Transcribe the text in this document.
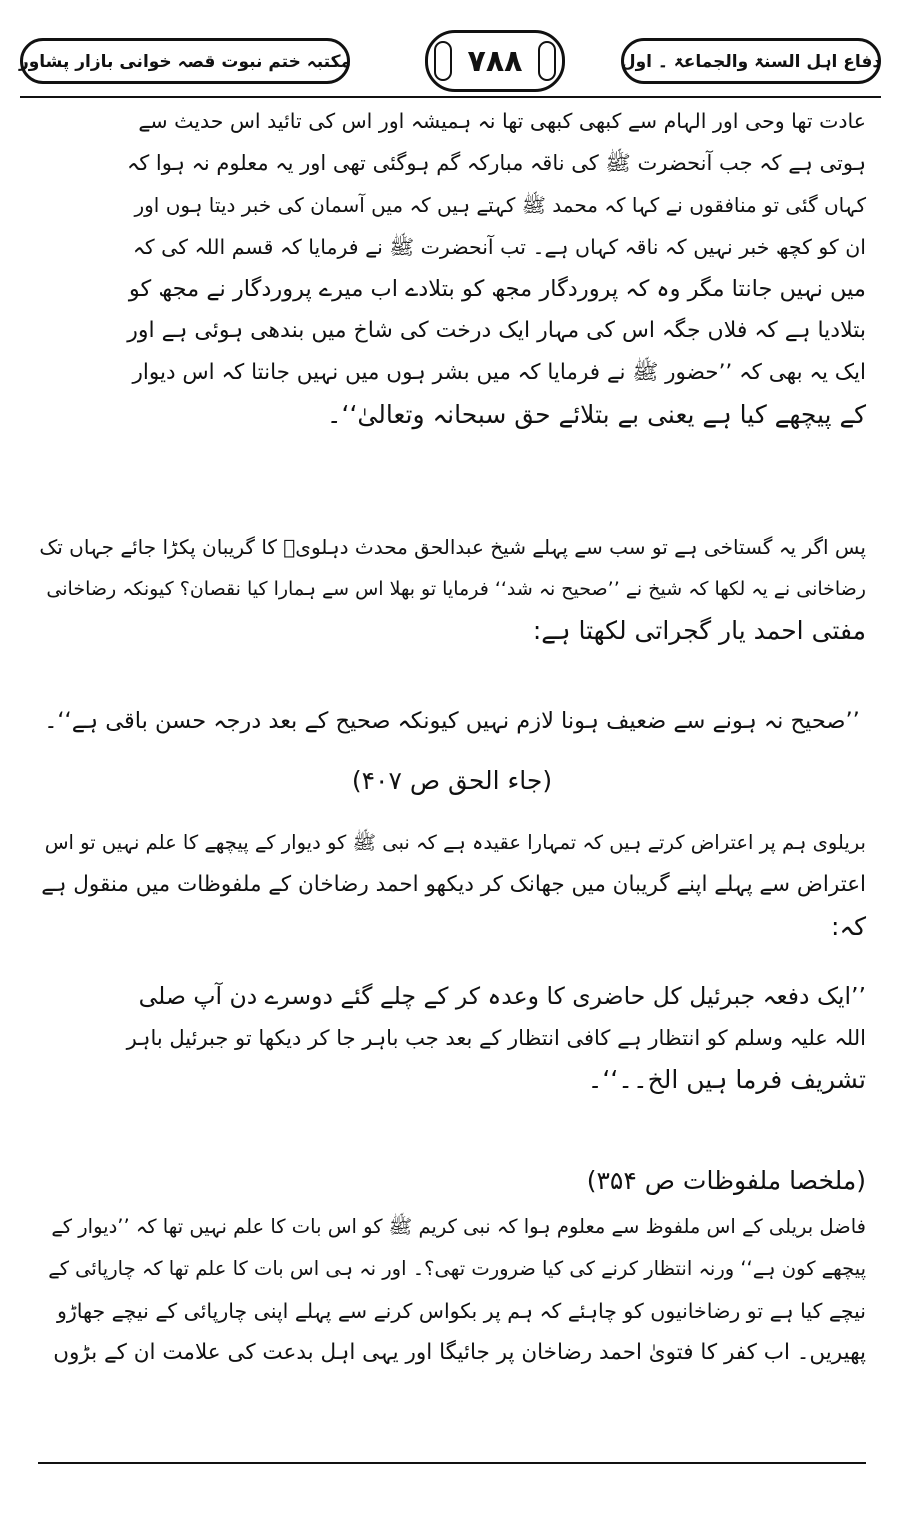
مکتبہ ختم نبوت قصہ خوانی بازار پشاور	۷۸۸	دفاع اہل السنۃ والجماعۃ ۔ اول
عادت تھا وحی اور الہام سے کبھی کبھی تھا نہ ہمیشہ اور اس کی تائید اس حدیث سے
ہوتی ہے کہ جب آنحضرت ﷺ کی ناقہ مبارکہ گم ہوگئی تھی اور یہ معلوم نہ ہوا کہ
کہاں گئی تو منافقوں نے کہا کہ محمد ﷺ کہتے ہیں کہ میں آسمان کی خبر دیتا ہوں اور
ان کو کچھ خبر نہیں کہ ناقہ کہاں ہے۔ تب آنحضرت ﷺ نے فرمایا کہ قسم اللہ کی کہ
میں نہیں جانتا مگر وہ کہ پروردگار مجھ کو بتلادے اب میرے پروردگار نے مجھ کو
بتلادیا ہے کہ فلاں جگہ اس کی مہار ایک درخت کی شاخ میں بندھی ہوئی ہے اور
ایک یہ بھی کہ ’’حضور ﷺ نے فرمایا کہ میں بشر ہوں میں نہیں جانتا کہ اس دیوار
کے پیچھے کیا ہے یعنی بے بتلائے حق سبحانہ وتعالیٰ‘‘۔
پس اگر یہ گستاخی ہے تو سب سے پہلے شیخ عبدالحق محدث دہلویؒ کا گریبان پکڑا جائے جہاں تک
رضاخانی نے یہ لکھا کہ شیخ نے ’’صحیح نہ شد‘‘ فرمایا تو بھلا اس سے ہمارا کیا نقصان؟ کیونکہ رضاخانی
مفتی احمد یار گجراتی لکھتا ہے:
’’صحیح نہ ہونے سے ضعیف ہونا لازم نہیں کیونکہ صحیح کے بعد درجہ حسن باقی ہے‘‘۔
(جاء الحق ص ۴۰۷)
بریلوی ہم پر اعتراض کرتے ہیں کہ تمہارا عقیدہ ہے کہ نبی ﷺ کو دیوار کے پیچھے کا علم نہیں تو اس
اعتراض سے پہلے اپنے گریبان میں جھانک کر دیکھو احمد رضاخان کے ملفوظات میں منقول ہے
کہ:
’’ایک دفعہ جبرئیل کل حاضری کا وعدہ کر کے چلے گئے دوسرے دن آپ صلی
اللہ علیہ وسلم کو انتظار ہے کافی انتظار کے بعد جب باہر جا کر دیکھا تو جبرئیل باہر
تشریف فرما ہیں الخ۔۔‘‘۔
(ملخصا ملفوظات ص ۳۵۴)
فاضل بریلی کے اس ملفوظ سے معلوم ہوا کہ نبی کریم ﷺ کو اس بات کا علم نہیں تھا کہ ’’دیوار کے
پیچھے کون ہے‘‘ ورنہ انتظار کرنے کی کیا ضرورت تھی؟۔ اور نہ ہی اس بات کا علم تھا کہ چارپائی کے
نیچے کیا ہے تو رضاخانیوں کو چاہئے کہ ہم پر بکواس کرنے سے پہلے اپنی چارپائی کے نیچے جھاڑو
پھیریں۔ اب کفر کا فتویٰ احمد رضاخان پر جائیگا اور یہی اہل بدعت کی علامت ان کے بڑوں
